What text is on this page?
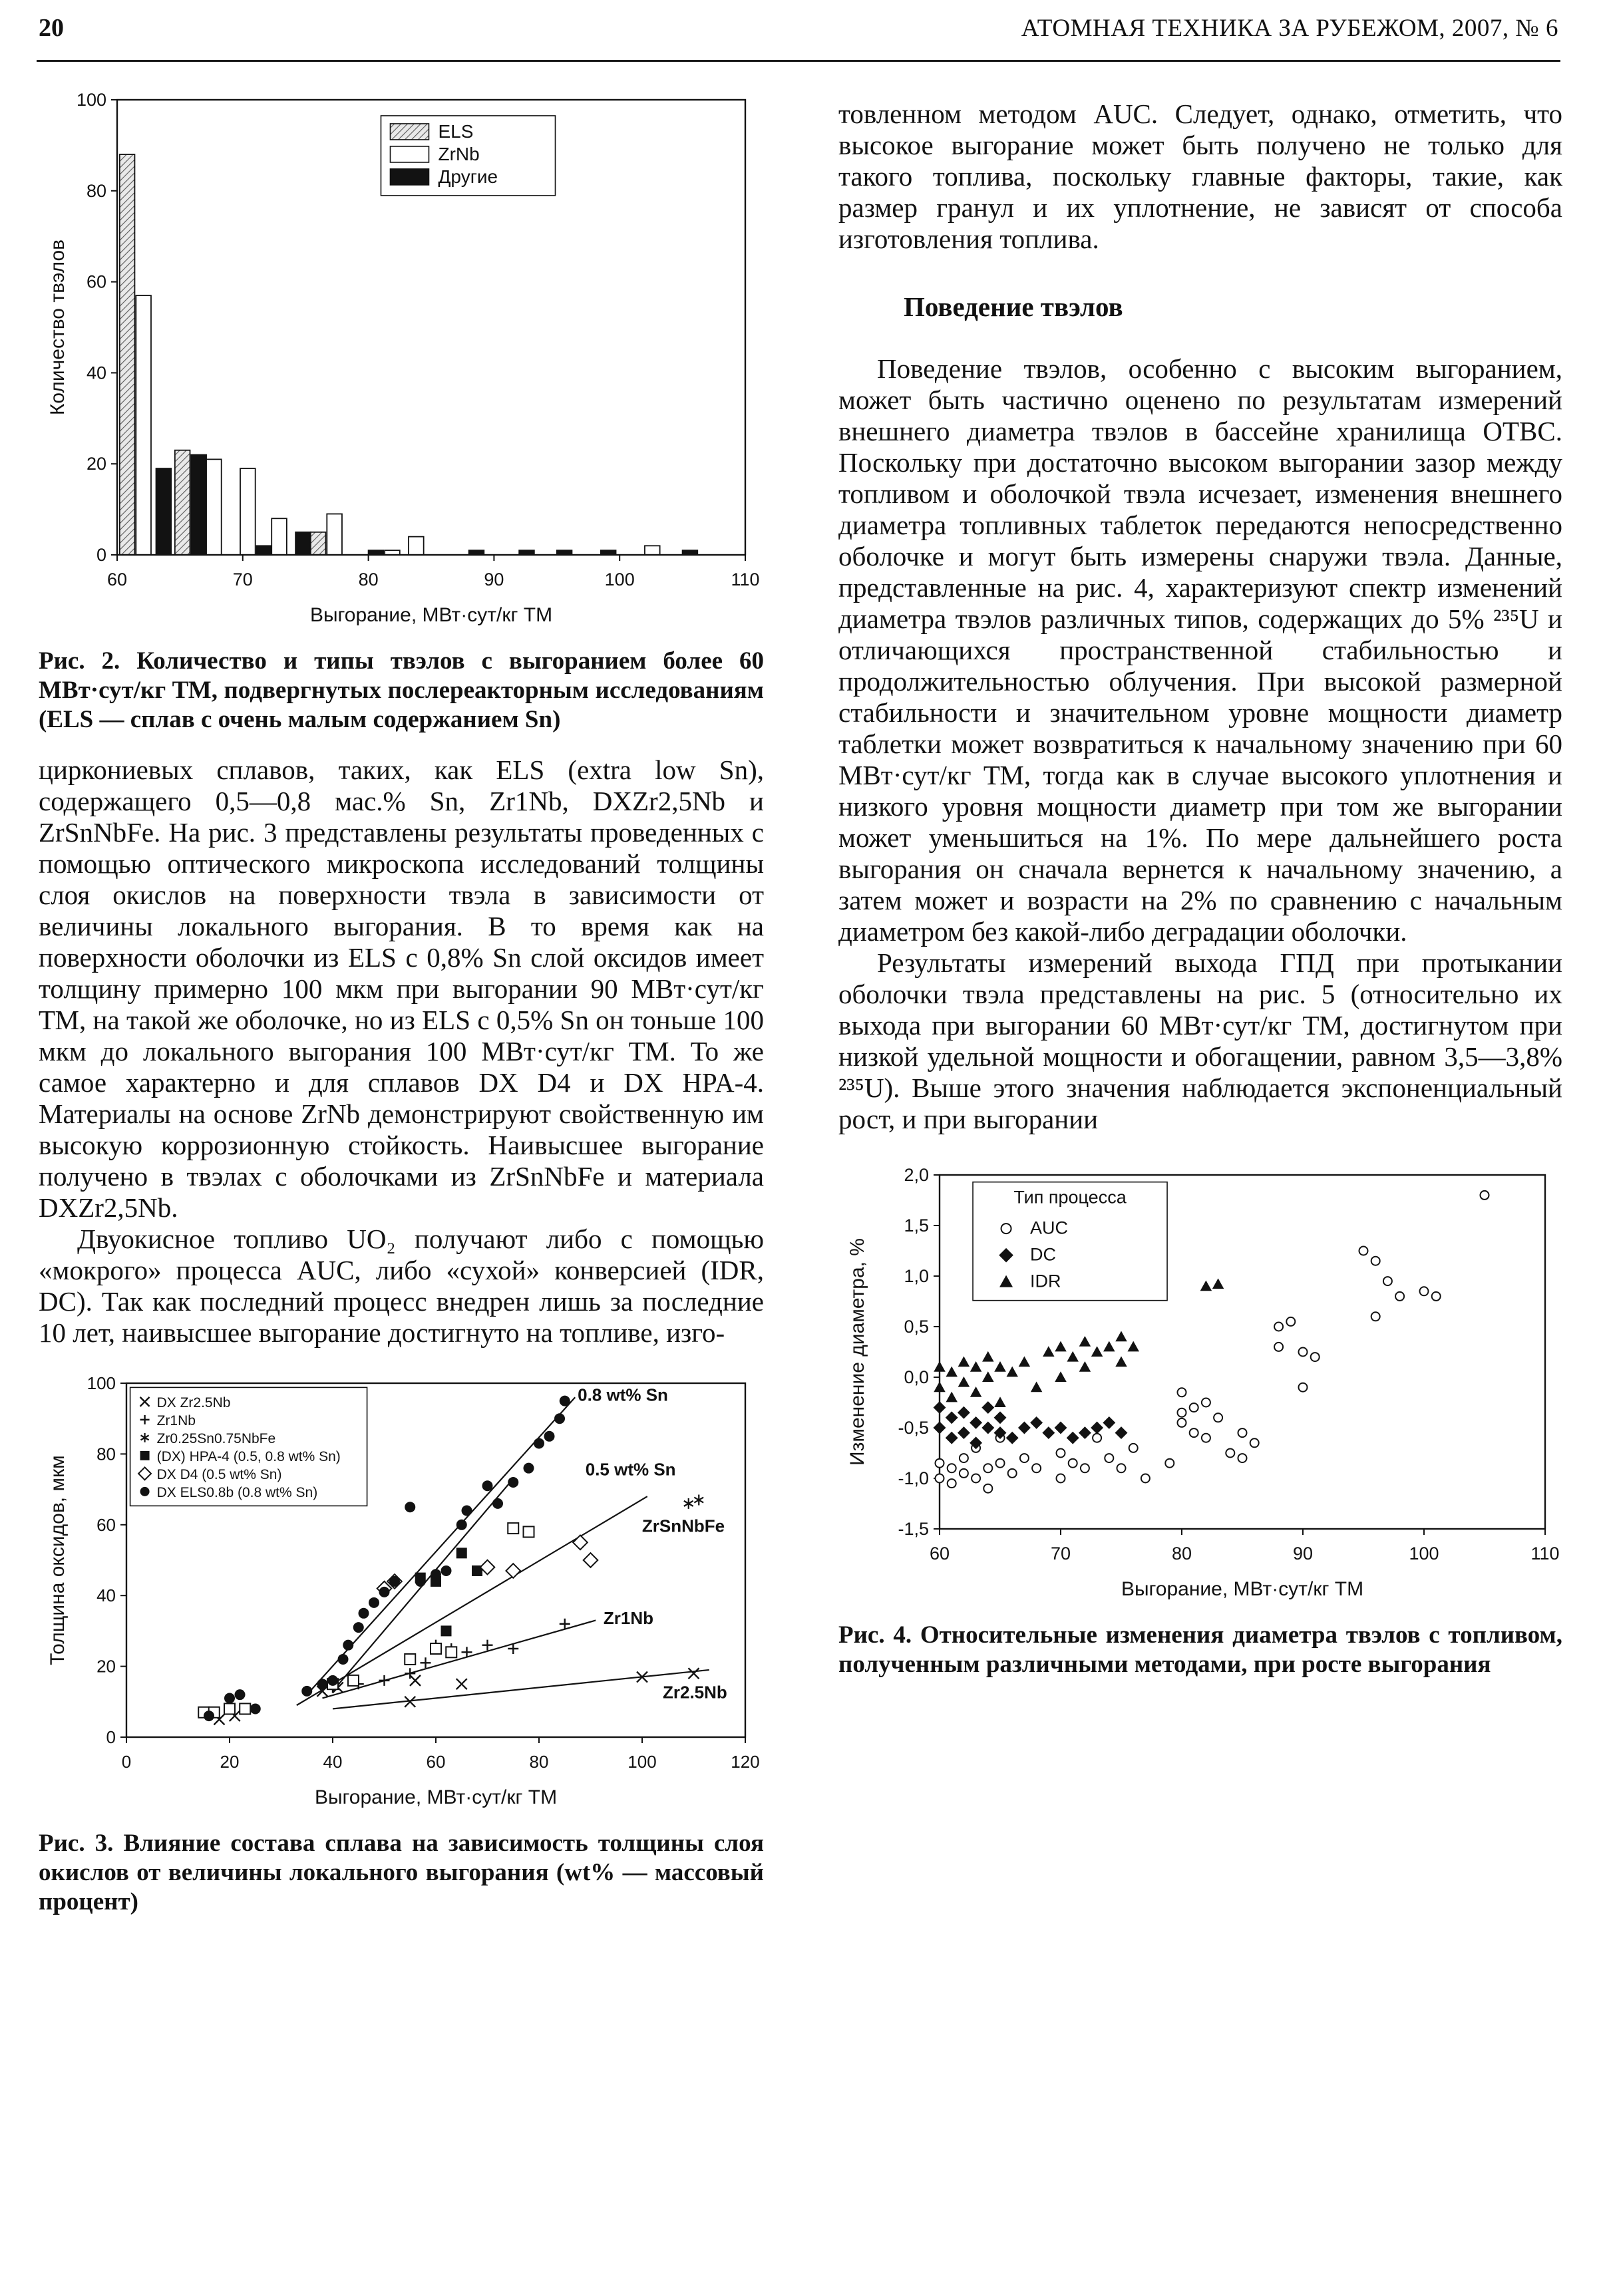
20	АТОМНАЯ ТЕХНИКА ЗА РУБЕЖОМ, 2007, № 6
60	70	80	90	100	110
0
20
40
60
80
100
Выгорание, МВт·сут/кг ТМ
Количество твэлов
ELS
ZrNb
Другие

Рис. 2. Количество и типы твэлов с выгоранием более 60 МВт·сут/кг ТМ, подвергнутых послереакторным исследованиям (ELS — сплав с очень малым содержанием Sn)

циркониевых сплавов, таких, как ELS (extra low Sn), содержащего 0,5—0,8 мас.% Sn, Zr1Nb, DXZr2,5Nb и ZrSnNbFe. На рис. 3 представлены результаты проведенных с помощью оптического микроскопа исследований толщины слоя окислов на поверхности твэла в зависимости от величины локального выгорания. В то время как на поверхности оболочки из ELS с 0,8% Sn слой оксидов имеет толщину примерно 100 мкм при выгорании 90 МВт·сут/кг ТМ, на такой же оболочке, но из ELS с 0,5% Sn он тоньше 100 мкм до локального выгорания 100 МВт·сут/кг ТМ. То же самое характерно и для сплавов DX D4 и DX HPA-4. Материалы на основе ZrNb демонстрируют свойственную им высокую коррозионную стойкость. Наивысшее выгорание получено в твэлах с оболочками из ZrSnNbFe и материала DXZr2,5Nb.

Двуокисное топливо UO₂ получают либо с помощью «мокрого» процесса AUC, либо «сухой» конверсией (IDR, DC). Так как последний процесс внедрен лишь за последние 10 лет, наивысшее выгорание достигнуто на топливе, изго-

0	20	40	60	80	100	120
0
20
40
60
80
100
Выгорание, МВт·сут/кг ТМ
Толщина оксидов, мкм
0.8 wt% Sn
0.5 wt% Sn
ZrSnNbFe
Zr1Nb
Zr2.5Nb
DX Zr2.5Nb
Zr1Nb
Zr0.25Sn0.75NbFe
(DX) HPA-4 (0.5, 0.8 wt% Sn)
DX D4 (0.5 wt% Sn)
DX ELS0.8b (0.8 wt% Sn)

Рис. 3. Влияние состава сплава на зависимость толщины слоя окислов от величины локального выгорания (wt% — массовый процент)

товленном методом AUC. Следует, однако, отметить, что высокое выгорание может быть получено не только для такого топлива, поскольку главные факторы, такие, как размер гранул и их уплотнение, не зависят от способа изготовления топлива.

Поведение твэлов

Поведение твэлов, особенно с высоким выгоранием, может быть частично оценено по результатам измерений внешнего диаметра твэлов в бассейне хранилища ОТВС. Поскольку при достаточно высоком выгорании зазор между топливом и оболочкой твэла исчезает, изменения внешнего диаметра топливных таблеток передаются непосредственно оболочке и могут быть измерены снаружи твэла. Данные, представленные на рис. 4, характеризуют спектр изменений диаметра твэлов различных типов, содержащих до 5% ²³⁵U и отличающихся пространственной стабильностью и продолжительностью облучения. При высокой размерной стабильности и значительном уровне мощности диаметр таблетки может возвратиться к начальному значению при 60 МВт·сут/кг ТМ, тогда как в случае высокого уплотнения и низкого уровня мощности диаметр при том же выгорании может уменьшиться на 1%. По мере дальнейшего роста выгорания он сначала вернется к начальному значению, а затем может и возрасти на 2% по сравнению с начальным диаметром без какой-либо деградации оболочки.

Результаты измерений выхода ГПД при протыкании оболочки твэла представлены на рис. 5 (относительно их выхода при выгорании 60 МВт·сут/кг ТМ, достигнутом при низкой удельной мощности и обогащении, равном 3,5—3,8% ²³⁵U). Выше этого значения наблюдается экспоненциальный рост, и при выгорании

60	70	80	90	100	110
2,0
1,5
1,0
0,5
0,0
-0,5
-1,0
-1,5
Выгорание, МВт·сут/кг ТМ
Изменение диаметра, %
Тип процесса
AUC
DC
IDR

Рис. 4. Относительные изменения диаметра твэлов с топливом, полученным различными методами, при росте выгорания
